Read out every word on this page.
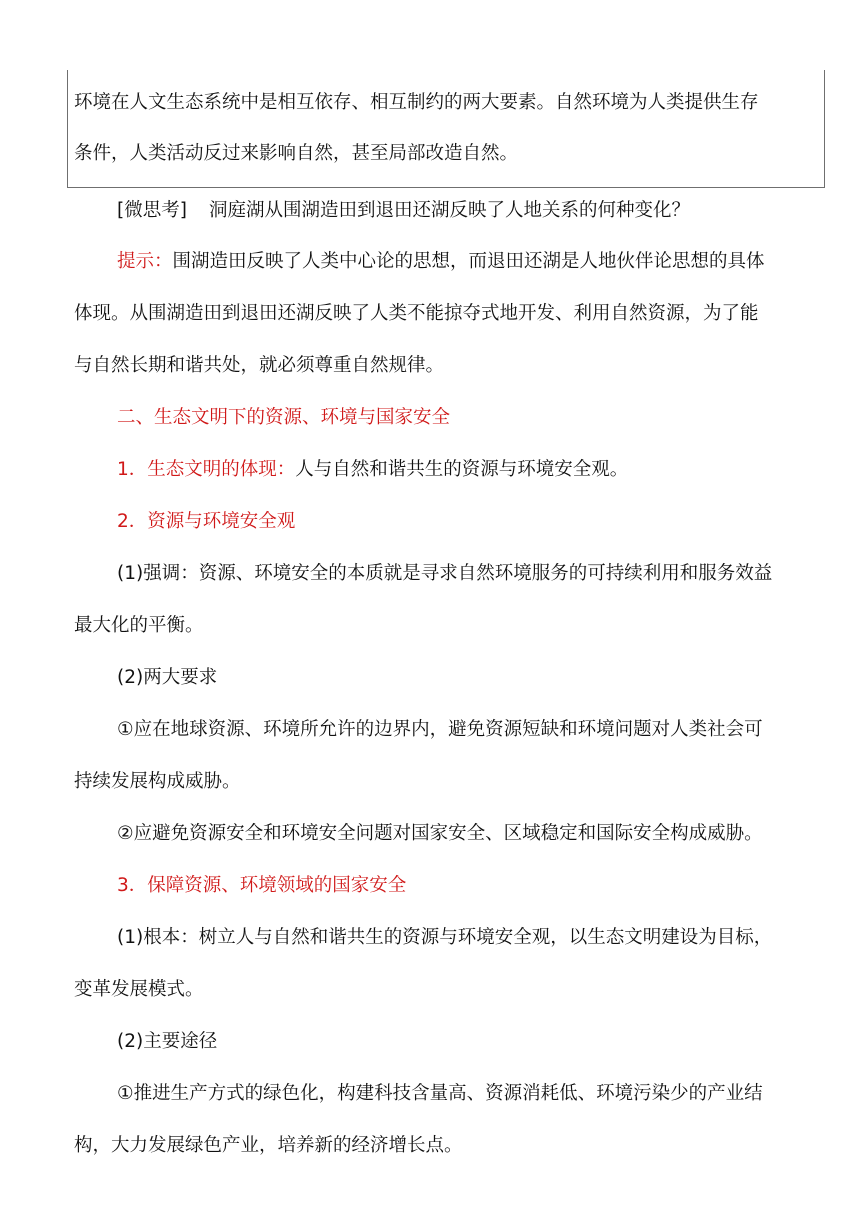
环境在人文生态系统中是相互依存、相互制约的两大要素。自然环境为人类提供生存
条件，人类活动反过来影响自然，甚至局部改造自然。
[微思考] 洞庭湖从围湖造田到退田还湖反映了人地关系的何种变化？
提示：围湖造田反映了人类中心论的思想，而退田还湖是人地伙伴论思想的具体
体现。从围湖造田到退田还湖反映了人类不能掠夺式地开发、利用自然资源，为了能
与自然长期和谐共处，就必须尊重自然规律。
二、生态文明下的资源、环境与国家安全
1．生态文明的体现：人与自然和谐共生的资源与环境安全观。
2．资源与环境安全观
(1)强调：资源、环境安全的本质就是寻求自然环境服务的可持续利用和服务效益
最大化的平衡。
(2)两大要求
①应在地球资源、环境所允许的边界内，避免资源短缺和环境问题对人类社会可
持续发展构成威胁。
②应避免资源安全和环境安全问题对国家安全、区域稳定和国际安全构成威胁。
3．保障资源、环境领域的国家安全
(1)根本：树立人与自然和谐共生的资源与环境安全观，以生态文明建设为目标，
变革发展模式。
(2)主要途径
①推进生产方式的绿色化，构建科技含量高、资源消耗低、环境污染少的产业结
构，大力发展绿色产业，培养新的经济增长点。
